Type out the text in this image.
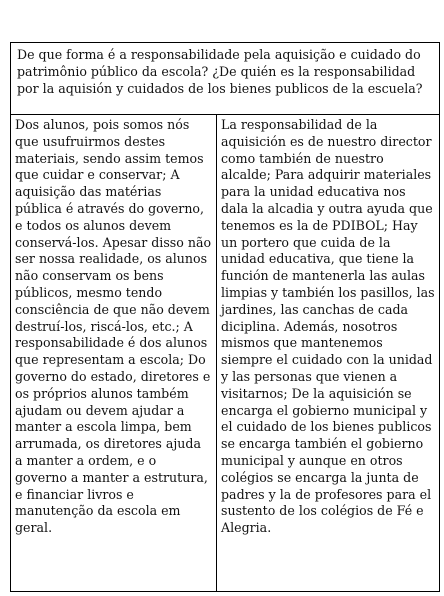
De que forma é a responsabilidade pela aquisição e cuidado do patrimônio público da escola? ¿De quién es la responsabilidad por la aquisión y cuidados de los bienes publicos de la escuela?
Dos alunos, pois somos nós que usufruirmos destes materiais, sendo assim temos que cuidar e conservar; A aquisição das matérias pública é através do governo, e todos os alunos devem conservá-los. Apesar disso não ser nossa realidade, os alunos não conservam os bens públicos, mesmo tendo consciência de que não devem destruí-los, riscá-los, etc.; A responsabilidade é dos alunos que representam a escola; Do governo do estado, diretores e os próprios alunos também ajudam ou devem ajudar a manter a escola limpa, bem arrumada, os diretores ajuda a manter a ordem, e o governo a manter a estrutura, e financiar livros e manutenção da escola em geral.
La responsabilidad de la aquisición es de nuestro director como también de nuestro alcalde; Para adquirir materiales para la unidad educativa nos dala la alcadia y outra ayuda que tenemos es la de PDIBOL; Hay un portero que cuida de la unidad educativa, que tiene la función de mantenerla las aulas limpias y también los pasillos, las jardines, las canchas de cada diciplina. Además, nosotros mismos que mantenemos siempre el cuidado con la unidad y las personas que vienen a visitarnos; De la aquisición se encarga el gobierno municipal y el cuidado de los bienes publicos se encarga también el gobierno municipal y aunque en otros colégios se encarga la junta de padres y la de profesores para el sustento de los colégios de Fé e Alegria.
